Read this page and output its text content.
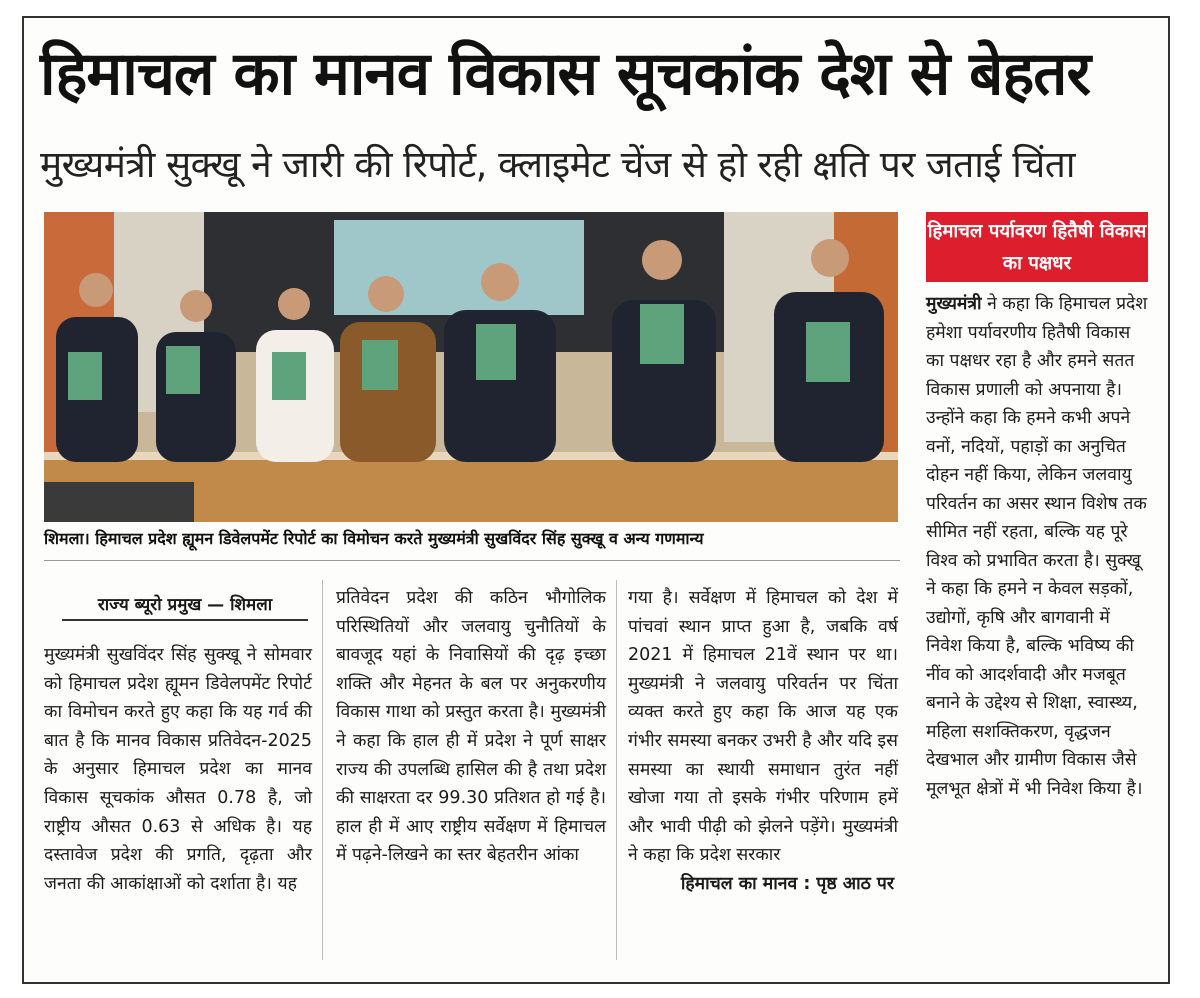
हिमाचल का मानव विकास सूचकांक देश से बेहतर
मुख्यमंत्री सुक्खू ने जारी की रिपोर्ट, क्लाइमेट चेंज से हो रही क्षति पर जताई चिंता
शिमला। हिमाचल प्रदेश ह्यूमन डिवेलपमेंट रिपोर्ट का विमोचन करते मुख्यमंत्री सुखविंदर सिंह सुक्खू व अन्य गणमान्य
राज्य ब्यूरो प्रमुख — शिमला
मुख्यमंत्री सुखविंदर सिंह सुक्खू ने सोमवार को हिमाचल प्रदेश ह्यूमन डिवेलपमेंट रिपोर्ट का विमोचन करते हुए कहा कि यह गर्व की बात है कि मानव विकास प्रतिवेदन-2025 के अनुसार हिमाचल प्रदेश का मानव विकास सूचकांक औसत 0.78 है, जो राष्ट्रीय औसत 0.63 से अधिक है। यह दस्तावेज प्रदेश की प्रगति, दृढ़ता और जनता की आकांक्षाओं को दर्शाता है। यह
प्रतिवेदन प्रदेश की कठिन भौगोलिक परिस्थितियों और जलवायु चुनौतियों के बावजूद यहां के निवासियों की दृढ़ इच्छा शक्ति और मेहनत के बल पर अनुकरणीय विकास गाथा को प्रस्तुत करता है। मुख्यमंत्री ने कहा कि हाल ही में प्रदेश ने पूर्ण साक्षर राज्य की उपलब्धि हासिल की है तथा प्रदेश की साक्षरता दर 99.30 प्रतिशत हो गई है। हाल ही में आए राष्ट्रीय सर्वेक्षण में हिमाचल में पढ़ने-लिखने का स्तर बेहतरीन आंका
गया है। सर्वेक्षण में हिमाचल को देश में पांचवां स्थान प्राप्त हुआ है, जबकि वर्ष 2021 में हिमाचल 21वें स्थान पर था। मुख्यमंत्री ने जलवायु परिवर्तन पर चिंता व्यक्त करते हुए कहा कि आज यह एक गंभीर समस्या बनकर उभरी है और यदि इस समस्या का स्थायी समाधान तुरंत नहीं खोजा गया तो इसके गंभीर परिणाम हमें और भावी पीढ़ी को झेलने पड़ेंगे। मुख्यमंत्री ने कहा कि प्रदेश सरकार
हिमाचल का मानव : पृष्ठ आठ पर
हिमाचल पर्यावरण हितैषी विकास का पक्षधर
मुख्यमंत्री ने कहा कि हिमाचल प्रदेश हमेशा पर्यावरणीय हितैषी विकास का पक्षधर रहा है और हमने सतत विकास प्रणाली को अपनाया है। उन्होंने कहा कि हमने कभी अपने वनों, नदियों, पहाड़ों का अनुचित दोहन नहीं किया, लेकिन जलवायु परिवर्तन का असर स्थान विशेष तक सीमित नहीं रहता, बल्कि यह पूरे विश्व को प्रभावित करता है। सुक्खू ने कहा कि हमने न केवल सड़कों, उद्योगों, कृषि और बागवानी में निवेश किया है, बल्कि भविष्य की नींव को आदर्शवादी और मजबूत बनाने के उद्देश्य से शिक्षा, स्वास्थ्य, महिला सशक्तिकरण, वृद्धजन देखभाल और ग्रामीण विकास जैसे मूलभूत क्षेत्रों में भी निवेश किया है।
